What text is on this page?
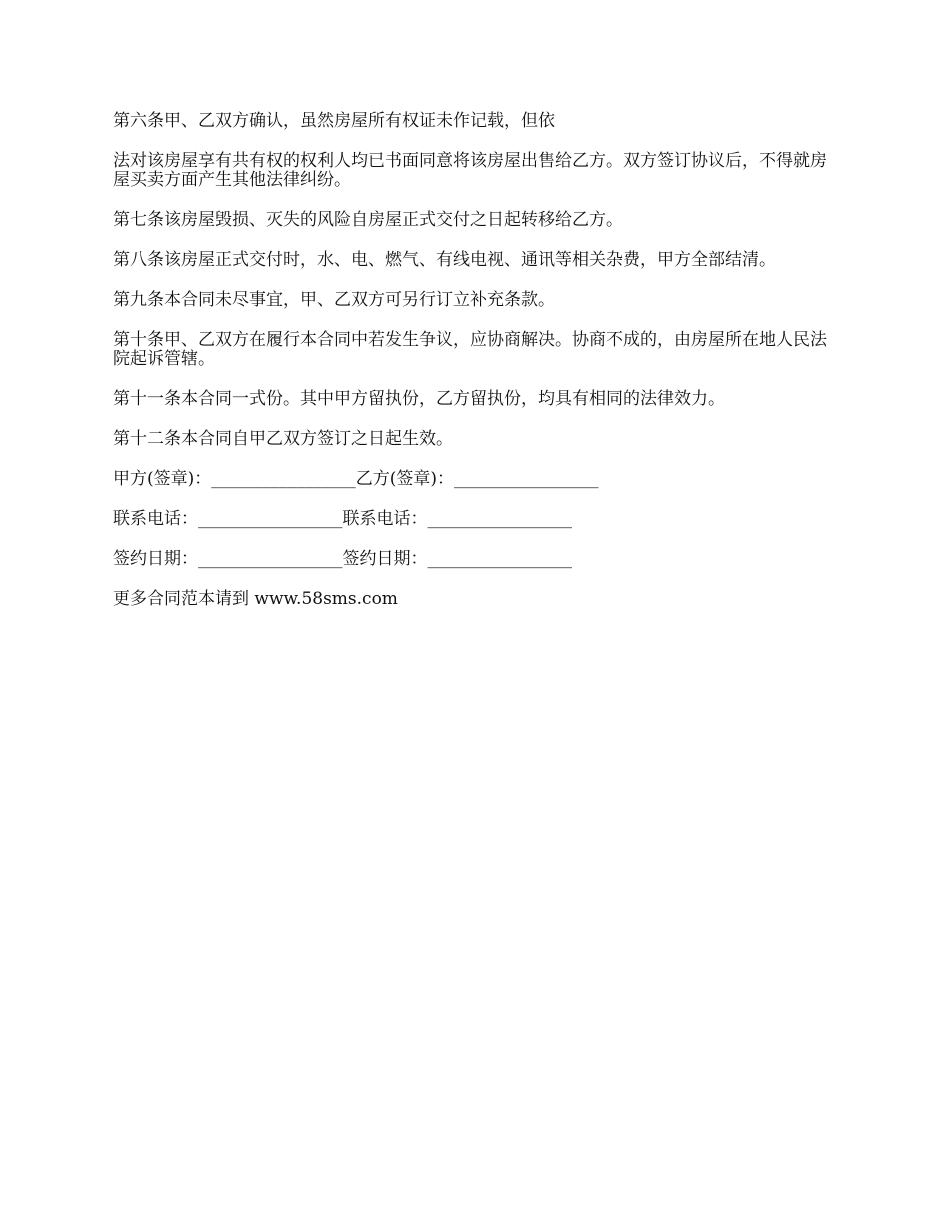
第六条甲、乙双方确认，虽然房屋所有权证未作记载，但依

法对该房屋享有共有权的权利人均已书面同意将该房屋出售给乙方。双方签订协议后，不得就房屋买卖方面产生其他法律纠纷。

第七条该房屋毁损、灭失的风险自房屋正式交付之日起转移给乙方。

第八条该房屋正式交付时，水、电、燃气、有线电视、通讯等相关杂费，甲方全部结清。

第九条本合同未尽事宜，甲、乙双方可另行订立补充条款。

第十条甲、乙双方在履行本合同中若发生争议，应协商解决。协商不成的，由房屋所在地人民法院起诉管辖。

第十一条本合同一式份。其中甲方留执份，乙方留执份，均具有相同的法律效力。

第十二条本合同自甲乙双方签订之日起生效。

甲方(签章)：_________________乙方(签章)：_________________
联系电话：_________________联系电话：_________________
签约日期：_________________签约日期：_________________

更多合同范本请到 www.58sms.com
